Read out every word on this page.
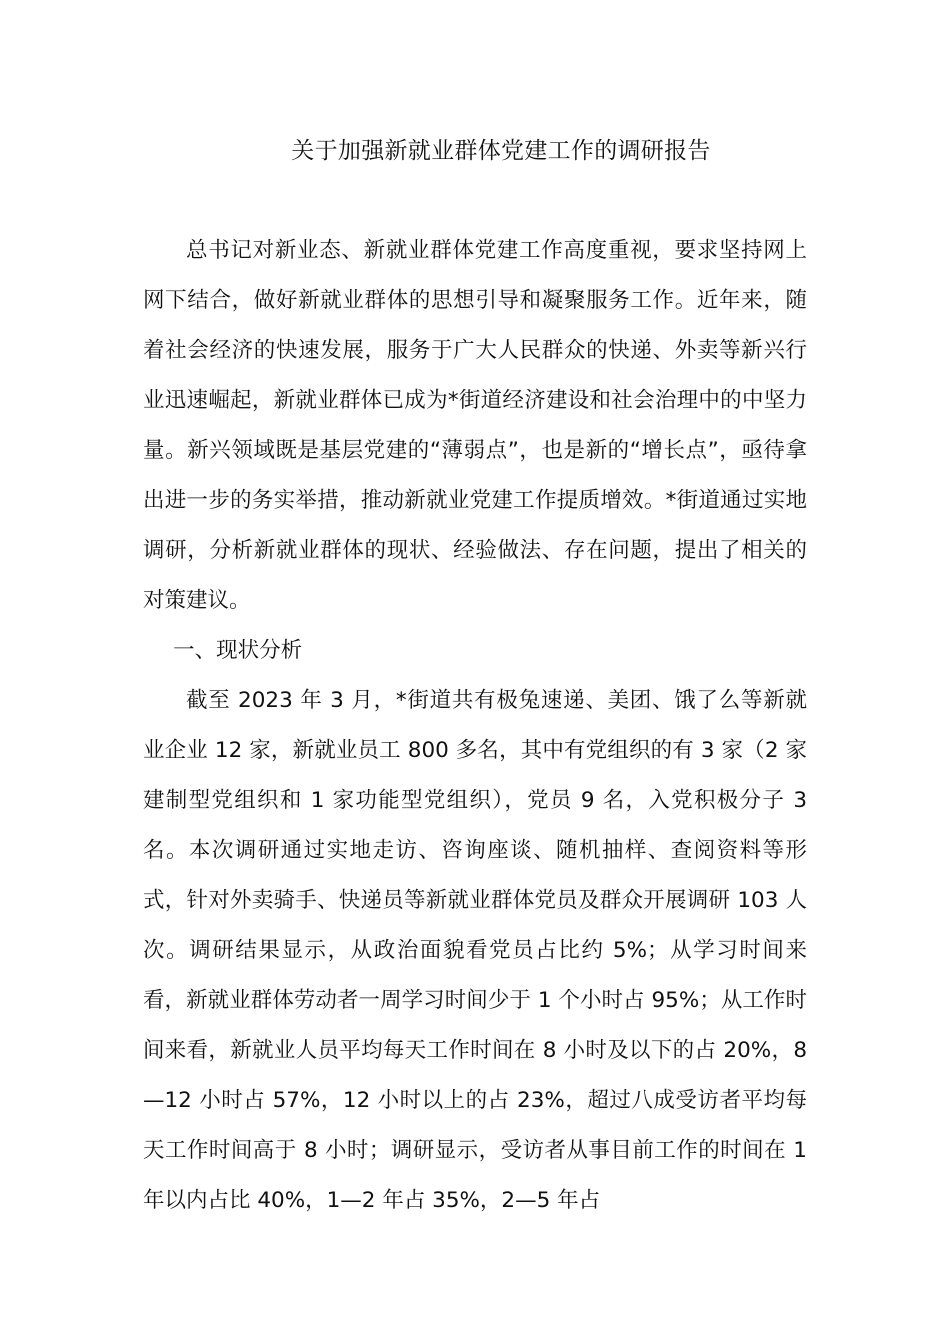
关于加强新就业群体党建工作的调研报告

总书记对新业态、新就业群体党建工作高度重视，要求坚持网上网下结合，做好新就业群体的思想引导和凝聚服务工作。近年来，随着社会经济的快速发展，服务于广大人民群众的快递、外卖等新兴行业迅速崛起，新就业群体已成为*街道经济建设和社会治理中的中坚力量。新兴领域既是基层党建的“薄弱点”，也是新的“增长点”，亟待拿出进一步的务实举措，推动新就业党建工作提质增效。*街道通过实地调研，分析新就业群体的现状、经验做法、存在问题，提出了相关的对策建议。

一、现状分析

截至 2023 年 3 月，*街道共有极兔速递、美团、饿了么等新就业企业 12 家，新就业员工 800 多名，其中有党组织的有 3 家（2 家建制型党组织和 1 家功能型党组织），党员 9 名，入党积极分子 3 名。本次调研通过实地走访、咨询座谈、随机抽样、查阅资料等形式，针对外卖骑手、快递员等新就业群体党员及群众开展调研 103 人次。调研结果显示，从政治面貌看党员占比约 5%；从学习时间来看，新就业群体劳动者一周学习时间少于 1 个小时占 95%；从工作时间来看，新就业人员平均每天工作时间在 8 小时及以下的占 20%，8—12 小时占 57%，12 小时以上的占 23%，超过八成受访者平均每天工作时间高于 8 小时；调研显示，受访者从事目前工作的时间在 1 年以内占比 40%，1—2 年占 35%，2—5 年占
